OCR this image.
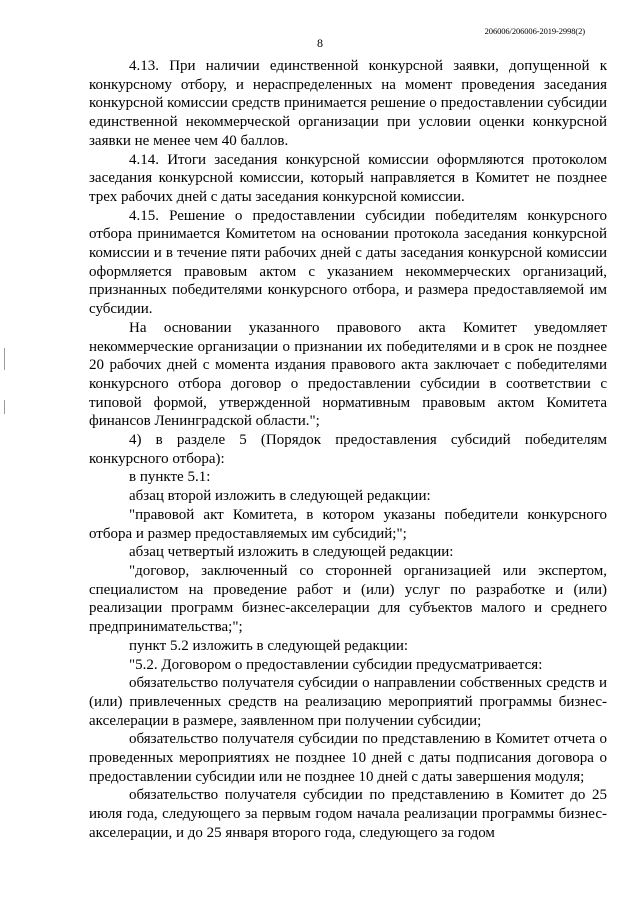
206006/206006-2019-2998(2)
8

4.13. При наличии единственной конкурсной заявки, допущенной к конкурсному отбору, и нераспределенных на момент проведения заседания конкурсной комиссии средств принимается решение о предоставлении субсидии единственной некоммерческой организации при условии оценки конкурсной заявки не менее чем 40 баллов.

4.14. Итоги заседания конкурсной комиссии оформляются протоколом заседания конкурсной комиссии, который направляется в Комитет не позднее трех рабочих дней с даты заседания конкурсной комиссии.

4.15. Решение о предоставлении субсидии победителям конкурсного отбора принимается Комитетом на основании протокола заседания конкурсной комиссии и в течение пяти рабочих дней с даты заседания конкурсной комиссии оформляется правовым актом с указанием некоммерческих организаций, признанных победителями конкурсного отбора, и размера предоставляемой им субсидии.

На основании указанного правового акта Комитет уведомляет некоммерческие организации о признании их победителями и в срок не позднее 20 рабочих дней с момента издания правового акта заключает с победителями конкурсного отбора договор о предоставлении субсидии в соответствии с типовой формой, утвержденной нормативным правовым актом Комитета финансов Ленинградской области.";

4) в разделе 5 (Порядок предоставления субсидий победителям конкурсного отбора):

в пункте 5.1:

абзац второй изложить в следующей редакции:

"правовой акт Комитета, в котором указаны победители конкурсного отбора и размер предоставляемых им субсидий;";

абзац четвертый изложить в следующей редакции:

"договор, заключенный со сторонней организацией или экспертом, специалистом на проведение работ и (или) услуг по разработке и (или) реализации программ бизнес-акселерации для субъектов малого и среднего предпринимательства;";

пункт 5.2 изложить в следующей редакции:

"5.2. Договором о предоставлении субсидии предусматривается:

обязательство получателя субсидии о направлении собственных средств и (или) привлеченных средств на реализацию мероприятий программы бизнес-акселерации в размере, заявленном при получении субсидии;

обязательство получателя субсидии по представлению в Комитет отчета о проведенных мероприятиях не позднее 10 дней с даты подписания договора о предоставлении субсидии или не позднее 10 дней с даты завершения модуля;

обязательство получателя субсидии по представлению в Комитет до 25 июля года, следующего за первым годом начала реализации программы бизнес-акселерации, и до 25 января второго года, следующего за годом
